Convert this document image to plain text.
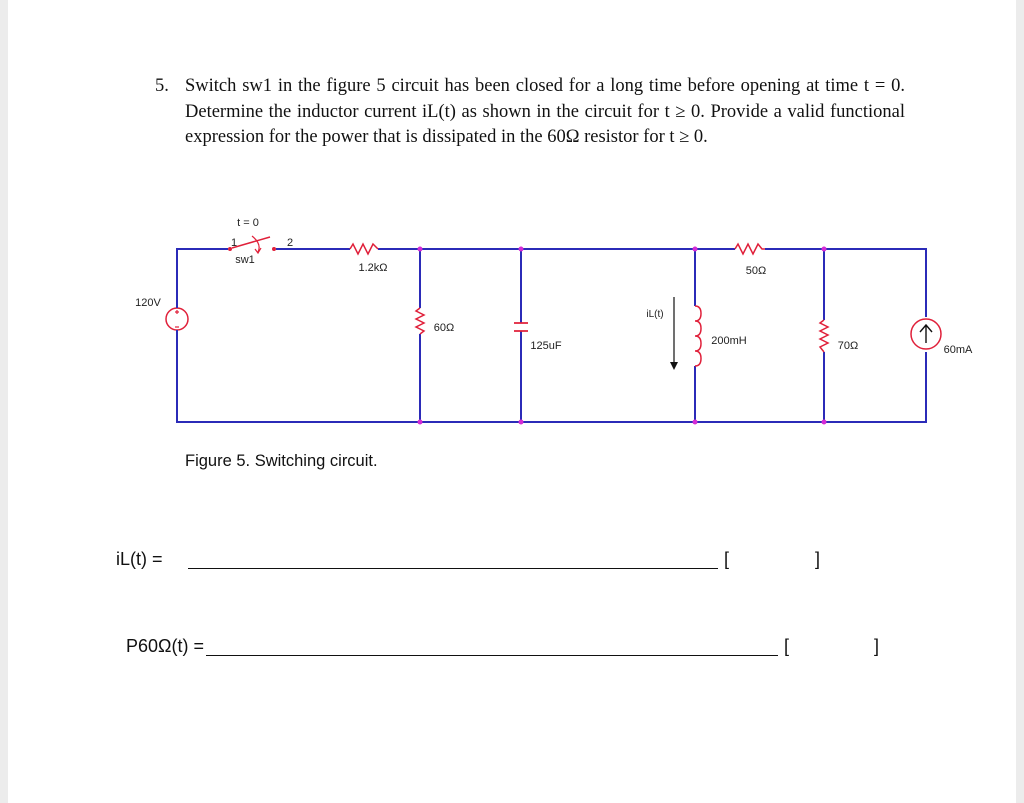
5. Switch sw1 in the figure 5 circuit has been closed for a long time before opening at time t = 0. Determine the inductor current iL(t) as shown in the circuit for t ≥ 0. Provide a valid functional expression for the power that is dissipated in the 60Ω resistor for t ≥ 0.
t = 0
1	2
sw1
1.2kΩ	50Ω
120V
60Ω
125uF
iL(t)
200mH	70Ω	60mA
Figure 5. Switching circuit.
iL(t) =	[	]
P60Ω(t) =	[	]
